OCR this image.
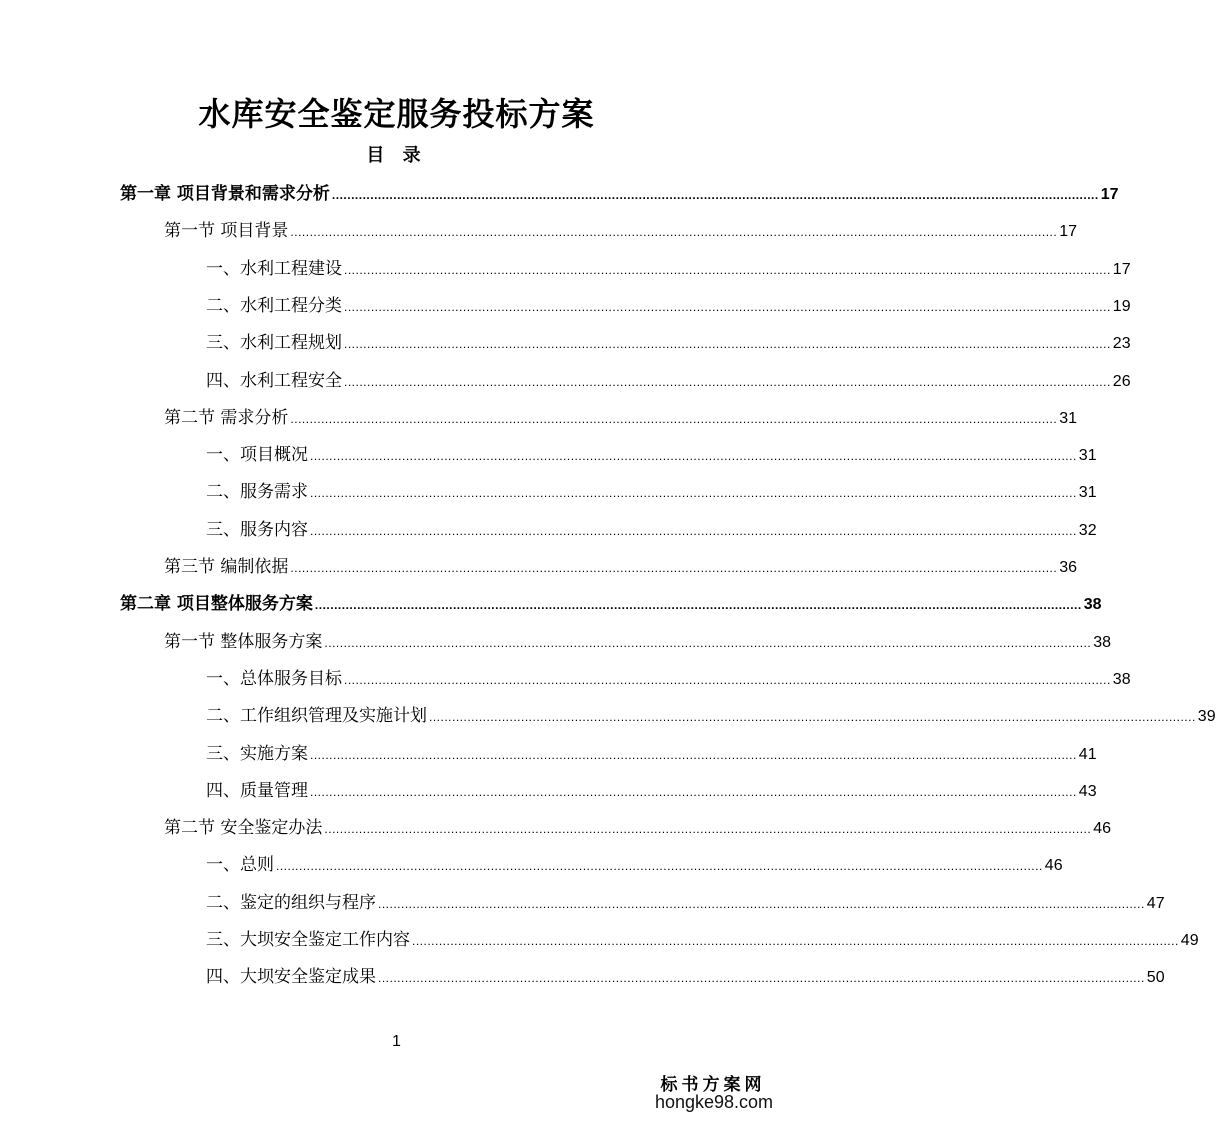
水库安全鉴定服务投标方案
目 录
第一章 项目背景和需求分析 ........................................................................................................................................................................................................ 17
第一节 项目背景 ........................................................................................................................................................................................................ 17
一、水利工程建设 ........................................................................................................................................................................................................ 17
二、水利工程分类 ........................................................................................................................................................................................................ 19
三、水利工程规划 ........................................................................................................................................................................................................ 23
四、水利工程安全 ........................................................................................................................................................................................................ 26
第二节 需求分析 ........................................................................................................................................................................................................ 31
一、项目概况 ........................................................................................................................................................................................................ 31
二、服务需求 ........................................................................................................................................................................................................ 31
三、服务内容 ........................................................................................................................................................................................................ 32
第三节 编制依据 ........................................................................................................................................................................................................ 36
第二章 项目整体服务方案 ........................................................................................................................................................................................................ 38
第一节 整体服务方案 ........................................................................................................................................................................................................ 38
一、总体服务目标 ........................................................................................................................................................................................................ 38
二、工作组织管理及实施计划 ........................................................................................................................................................................................................ 39
三、实施方案 ........................................................................................................................................................................................................ 41
四、质量管理 ........................................................................................................................................................................................................ 43
第二节 安全鉴定办法 ........................................................................................................................................................................................................ 46
一、总则 ........................................................................................................................................................................................................ 46
二、鉴定的组织与程序 ........................................................................................................................................................................................................ 47
三、大坝安全鉴定工作内容 ........................................................................................................................................................................................................ 49
四、大坝安全鉴定成果 ........................................................................................................................................................................................................ 50
1
标书方案网
hongke98.com
